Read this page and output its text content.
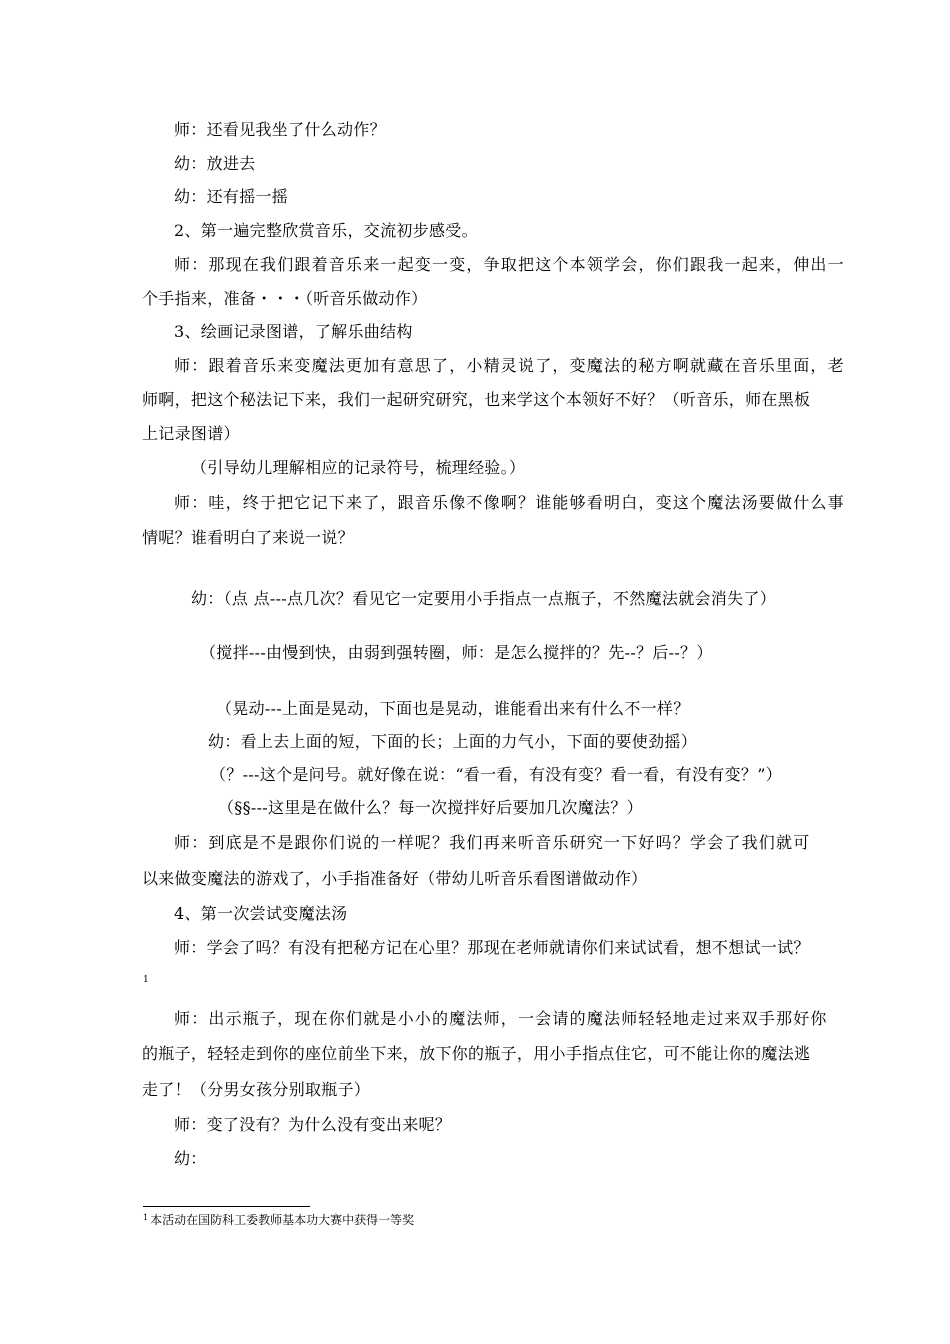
师：还看见我坐了什么动作？
幼：放进去
幼：还有摇一摇
2、第一遍完整欣赏音乐，交流初步感受。
师：那现在我们跟着音乐来一起变一变，争取把这个本领学会，你们跟我一起来，伸出一
个手指来，准备・・・（听音乐做动作）
3、绘画记录图谱，了解乐曲结构
师：跟着音乐来变魔法更加有意思了，小精灵说了，变魔法的秘方啊就藏在音乐里面，老
师啊，把这个秘法记下来，我们一起研究研究，也来学这个本领好不好？（听音乐，师在黑板
上记录图谱）
（引导幼儿理解相应的记录符号，梳理经验。）
师：哇，终于把它记下来了，跟音乐像不像啊？谁能够看明白，变这个魔法汤要做什么事
情呢？谁看明白了来说一说？
幼：（点 点---点几次？看见它一定要用小手指点一点瓶子，不然魔法就会消失了）
（搅拌---由慢到快，由弱到强转圈，师：是怎么搅拌的？先--？后--？）
（晃动---上面是晃动，下面也是晃动，谁能看出来有什么不一样？
幼：看上去上面的短，下面的长；上面的力气小，下面的要使劲摇）
（？---这个是问号。就好像在说：“看一看，有没有变？看一看，有没有变？”）
（§§---这里是在做什么？每一次搅拌好后要加几次魔法？）
师：到底是不是跟你们说的一样呢？我们再来听音乐研究一下好吗？学会了我们就可
以来做变魔法的游戏了，小手指准备好（带幼儿听音乐看图谱做动作）
4、第一次尝试变魔法汤
师：学会了吗？有没有把秘方记在心里？那现在老师就请你们来试试看，想不想试一试？
1
师：出示瓶子，现在你们就是小小的魔法师，一会请的魔法师轻轻地走过来双手那好你
的瓶子，轻轻走到你的座位前坐下来，放下你的瓶子，用小手指点住它，可不能让你的魔法逃
走了！（分男女孩分别取瓶子）
师：变了没有？为什么没有变出来呢？
幼：
$^1$ 本活动在国防科工委教师基本功大赛中获得一等奖
